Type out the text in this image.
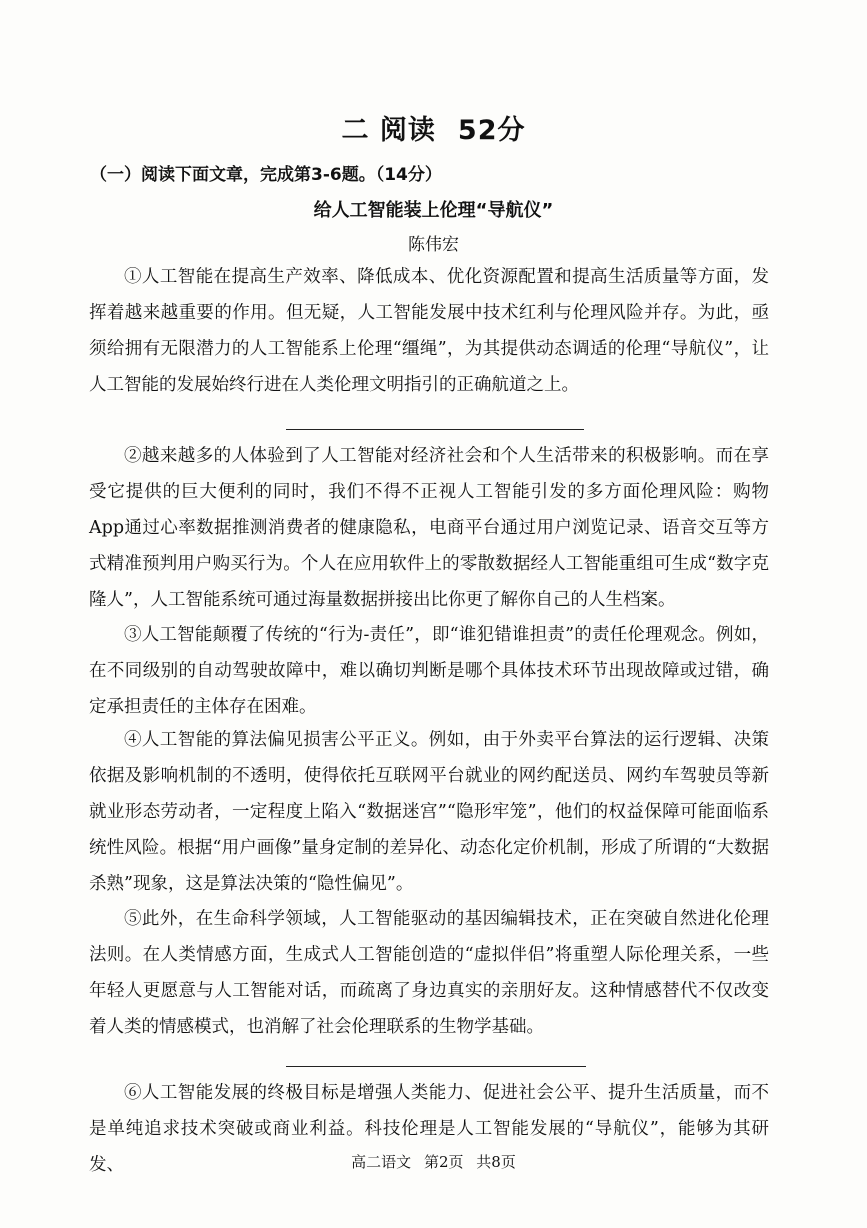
二 阅读 52分
（一）阅读下面文章，完成第3-6题。（14分）
给人工智能装上伦理“导航仪”
陈伟宏
①人工智能在提高生产效率、降低成本、优化资源配置和提高生活质量等方面，发挥着越来越重要的作用。但无疑，人工智能发展中技术红利与伦理风险并存。为此，亟须给拥有无限潜力的人工智能系上伦理“缰绳”，为其提供动态调适的伦理“导航仪”，让人工智能的发展始终行进在人类伦理文明指引的正确航道之上。
②越来越多的人体验到了人工智能对经济社会和个人生活带来的积极影响。而在享受它提供的巨大便利的同时，我们不得不正视人工智能引发的多方面伦理风险：购物App通过心率数据推测消费者的健康隐私，电商平台通过用户浏览记录、语音交互等方式精准预判用户购买行为。个人在应用软件上的零散数据经人工智能重组可生成“数字克隆人”，人工智能系统可通过海量数据拼接出比你更了解你自己的人生档案。
③人工智能颠覆了传统的“行为-责任”，即“谁犯错谁担责”的责任伦理观念。例如，在不同级别的自动驾驶故障中，难以确切判断是哪个具体技术环节出现故障或过错，确定承担责任的主体存在困难。
④人工智能的算法偏见损害公平正义。例如，由于外卖平台算法的运行逻辑、决策依据及影响机制的不透明，使得依托互联网平台就业的网约配送员、网约车驾驶员等新就业形态劳动者，一定程度上陷入“数据迷宫”“隐形牢笼”，他们的权益保障可能面临系统性风险。根据“用户画像”量身定制的差异化、动态化定价机制，形成了所谓的“大数据杀熟”现象，这是算法决策的“隐性偏见”。
⑤此外，在生命科学领域，人工智能驱动的基因编辑技术，正在突破自然进化伦理法则。在人类情感方面，生成式人工智能创造的“虚拟伴侣”将重塑人际伦理关系，一些年轻人更愿意与人工智能对话，而疏离了身边真实的亲朋好友。这种情感替代不仅改变着人类的情感模式，也消解了社会伦理联系的生物学基础。
⑥人工智能发展的终极目标是增强人类能力、促进社会公平、提升生活质量，而不是单纯追求技术突破或商业利益。科技伦理是人工智能发展的“导航仪”，能够为其研发、	高二语文 第2页 共8页
